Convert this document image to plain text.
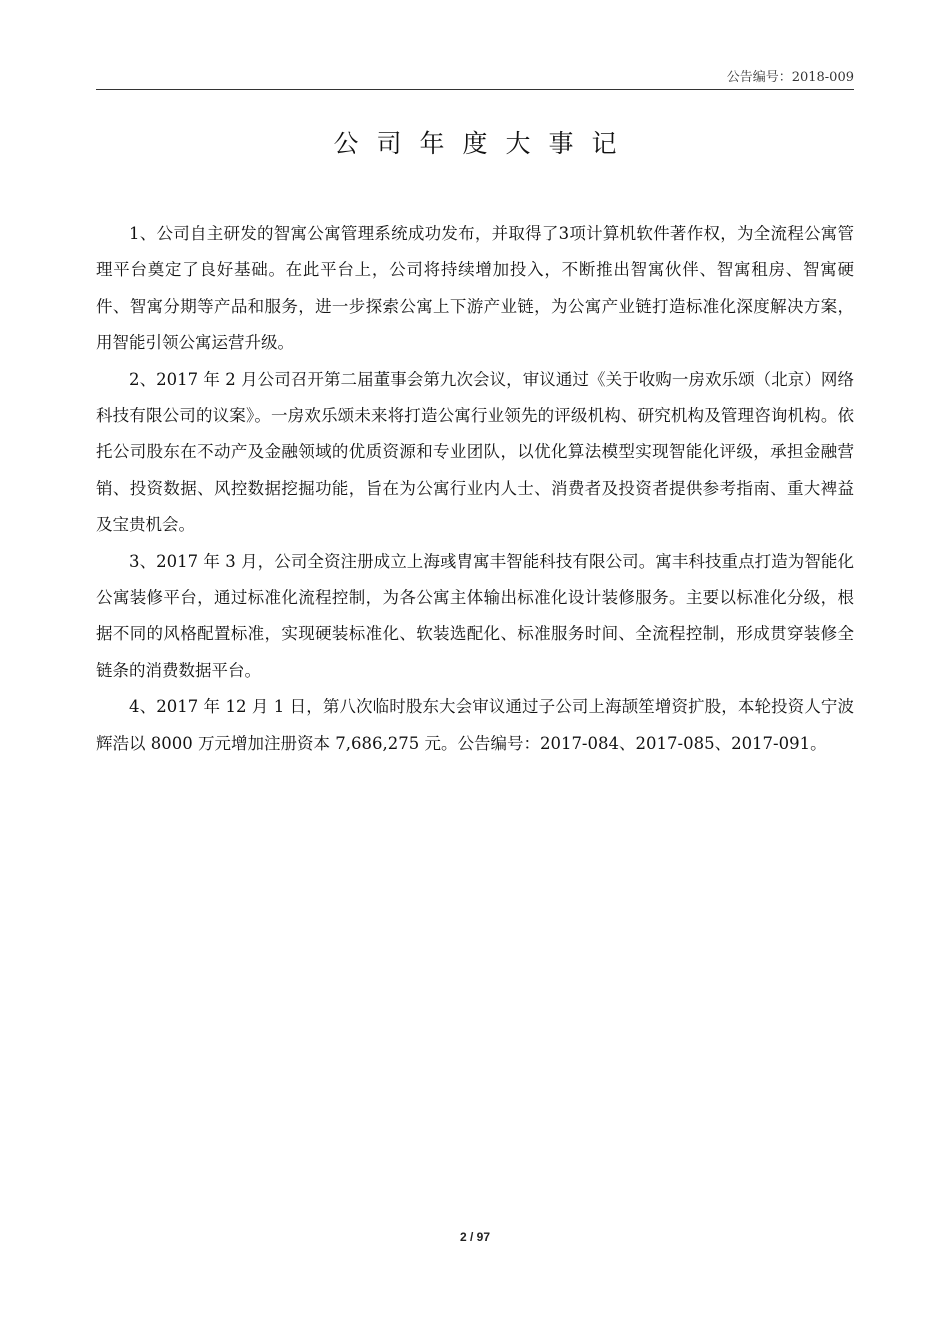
公告编号：2018-009
公司年度大事记

1、公司自主研发的智寓公寓管理系统成功发布，并取得了3项计算机软件著作权，为全流程公寓管理平台奠定了良好基础。在此平台上，公司将持续增加投入，不断推出智寓伙伴、智寓租房、智寓硬件、智寓分期等产品和服务，进一步探索公寓上下游产业链，为公寓产业链打造标准化深度解决方案，用智能引领公寓运营升级。

2、2017 年 2 月公司召开第二届董事会第九次会议，审议通过《关于收购一房欢乐颂（北京）网络科技有限公司的议案》。一房欢乐颂未来将打造公寓行业领先的评级机构、研究机构及管理咨询机构。依托公司股东在不动产及金融领域的优质资源和专业团队，以优化算法模型实现智能化评级，承担金融营销、投资数据、风控数据挖掘功能，旨在为公寓行业内人士、消费者及投资者提供参考指南、重大裨益及宝贵机会。

3、2017 年 3 月，公司全资注册成立上海彧胄寓丰智能科技有限公司。寓丰科技重点打造为智能化公寓装修平台，通过标准化流程控制，为各公寓主体输出标准化设计装修服务。主要以标准化分级，根据不同的风格配置标准，实现硬装标准化、软装选配化、标准服务时间、全流程控制，形成贯穿装修全链条的消费数据平台。

4、2017 年 12 月 1 日，第八次临时股东大会审议通过子公司上海颉笙增资扩股，本轮投资人宁波辉浩以 8000 万元增加注册资本 7,686,275 元。公告编号：2017-084、2017-085、2017-091。

2 / 97
